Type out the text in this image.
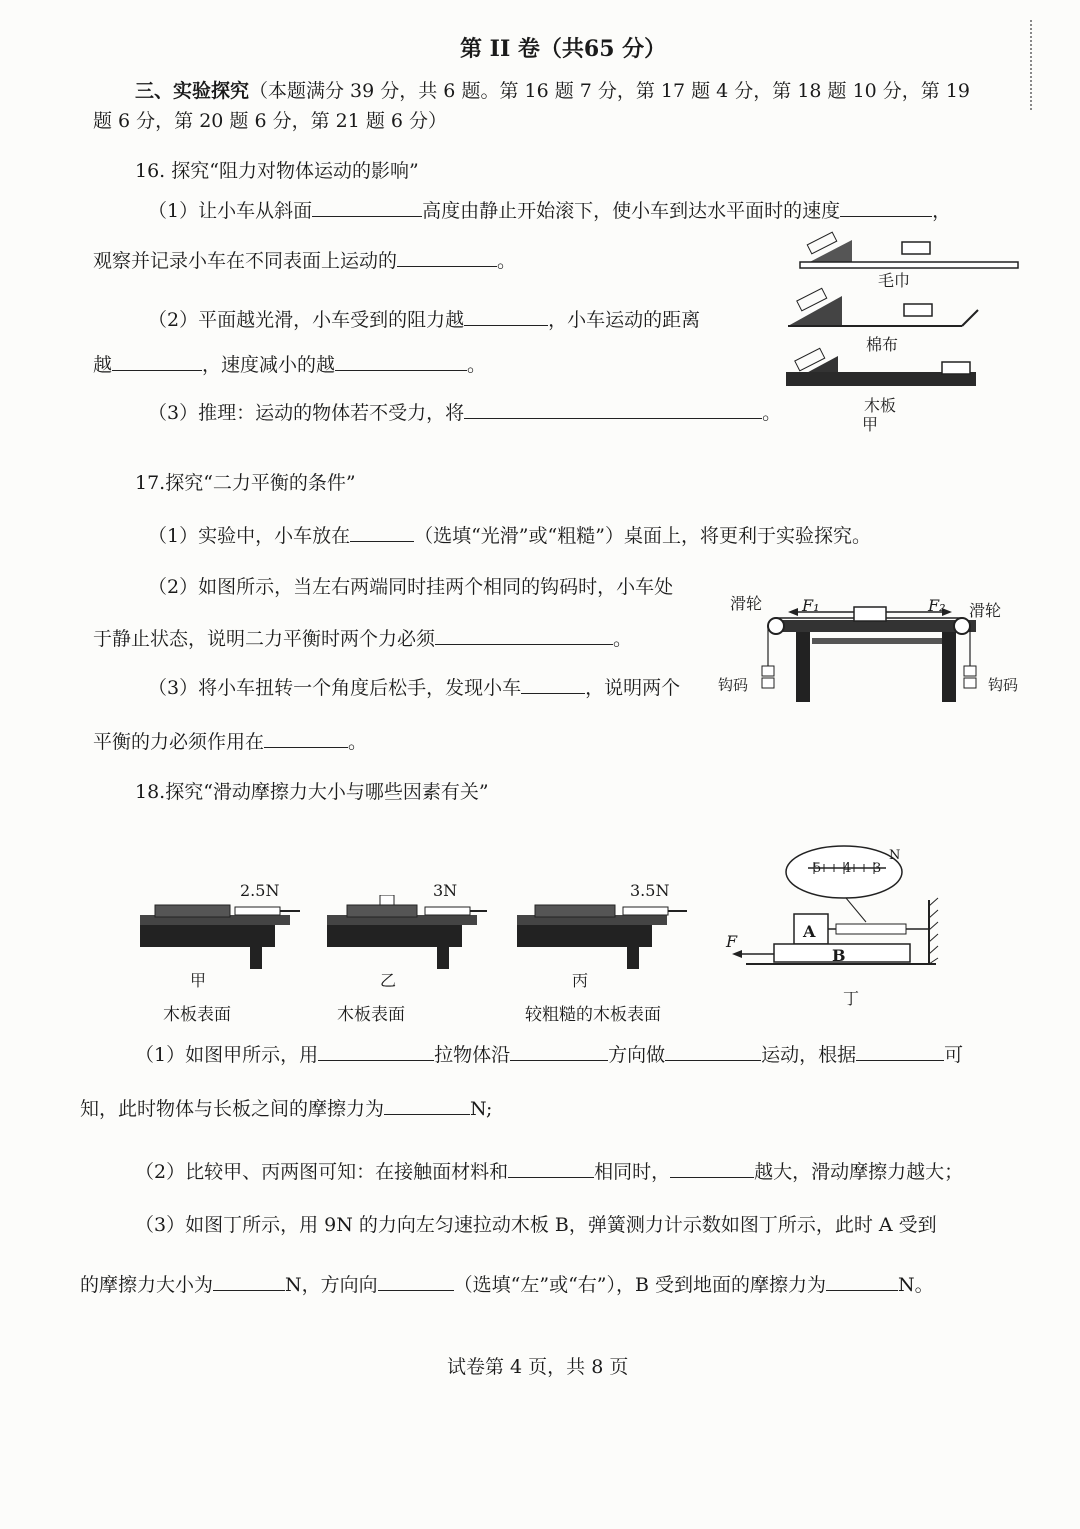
第 II 卷（共65 分）
三、实验探究（本题满分 39 分，共 6 题。第 16 题 7 分，第 17 题 4 分，第 18 题 10 分，第 19
题 6 分，第 20 题 6 分，第 21 题 6 分）
16. 探究“阻力对物体运动的影响”
（1）让小车从斜面	高度由静止开始滚下，使小车到达水平面时的速度	，
观察并记录小车在不同表面上运动的	。
（2）平面越光滑，小车受到的阻力越	，小车运动的距离
越	，速度减小的越	。
（3）推理：运动的物体若不受力，将	。
毛巾
棉布
木板
甲
17.探究“二力平衡的条件”
（1）实验中，小车放在	（选填“光滑”或“粗糙”）桌面上，将更利于实验探究。
（2）如图所示，当左右两端同时挂两个相同的钩码时，小车处
于静止状态，说明二力平衡时两个力必须	。
（3）将小车扭转一个角度后松手，发现小车	，说明两个
平衡的力必须作用在	。
滑轮	滑轮
F₁	F₂
钩码	钩码
18.探究“滑动摩擦力大小与哪些因素有关”
2.5N	3N	3.5N
甲	乙	丙
木板表面	木板表面	较粗糙的木板表面
5 4 3
N
A
B
F
丁
（1）如图甲所示，用	拉物体沿	方向做	运动，根据	可
知，此时物体与长板之间的摩擦力为	N;
（2）比较甲、丙两图可知：在接触面材料和	相同时，	越大，滑动摩擦力越大；
（3）如图丁所示，用 9N 的力向左匀速拉动木板 B，弹簧测力计示数如图丁所示，此时 A 受到
的摩擦力大小为	N，方向向	（选填“左”或“右”），B 受到地面的摩擦力为	N。
试卷第 4 页，共 8 页
